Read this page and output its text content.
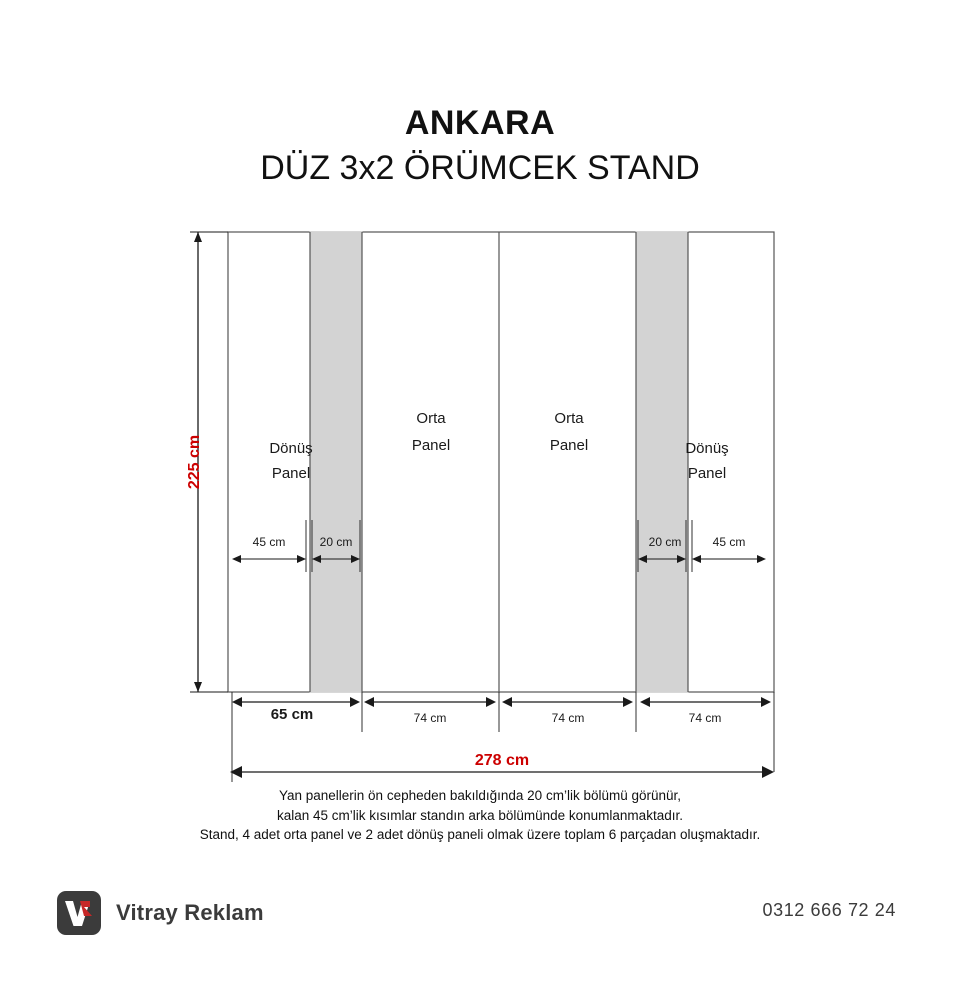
ANKARA
DÜZ 3x2 ÖRÜMCEK STAND
225 cm	Dönüş
Panel
Orta
Panel
Orta
Panel	Dönüş
Panel
45 cm	20 cm	20 cm	45 cm
65 cm	74 cm	74 cm	74 cm
278 cm
Yan panellerin ön cepheden bakıldığında 20 cm’lik bölümü görünür,
kalan 45 cm’lik kısımlar standın arka bölümünde konumlanmaktadır.
Stand, 4 adet orta panel ve 2 adet dönüş paneli olmak üzere toplam 6 parçadan oluşmaktadır.
Vitray Reklam	0312 666 72 24
